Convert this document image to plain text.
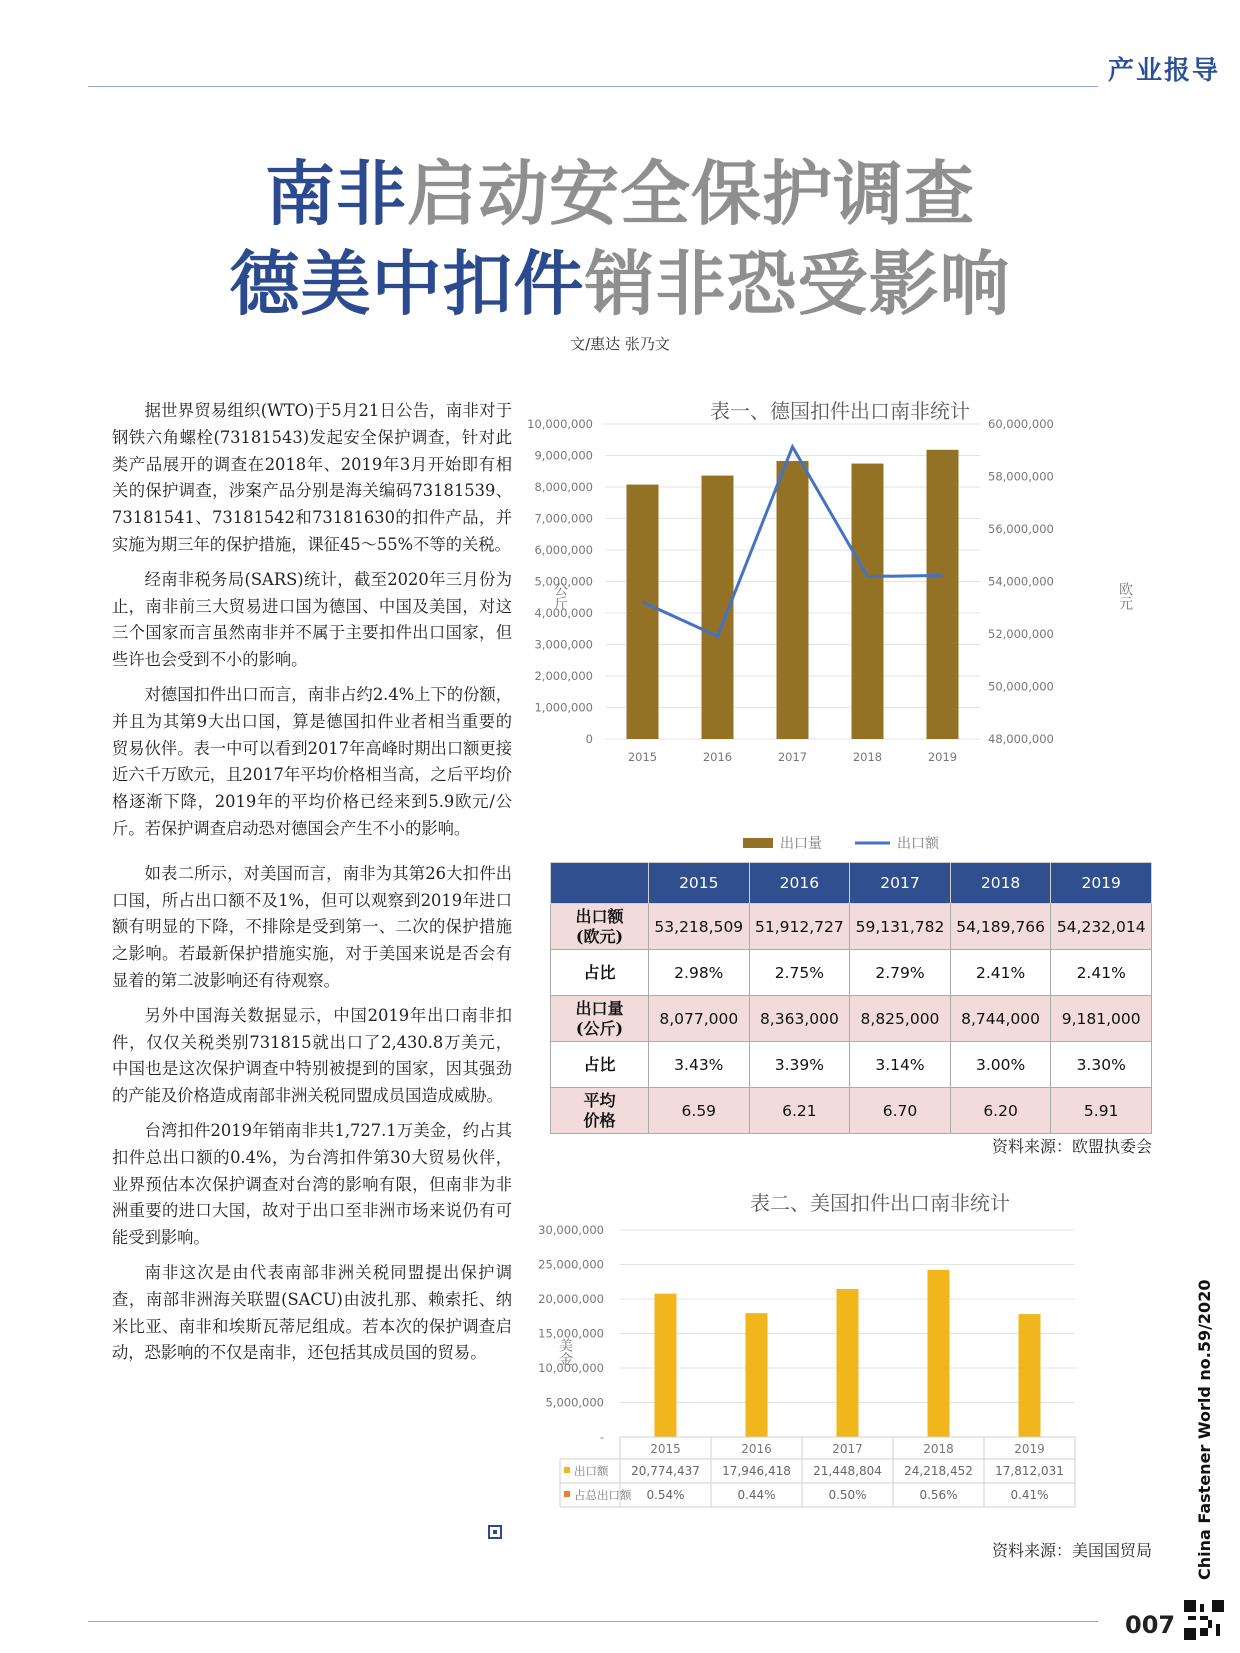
产业报导
南非启动安全保护调查
德美中扣件销非恐受影响
文/惠达 张乃文

据世界贸易组织(WTO)于5月21日公告，南非对于钢铁六角螺栓(73181543)发起安全保护调查，针对此类产品展开的调查在2018年、2019年3月开始即有相关的保护调查，涉案产品分别是海关编码73181539、73181541、73181542和73181630的扣件产品，并实施为期三年的保护措施，课征45～55%不等的关税。

经南非税务局(SARS)统计，截至2020年三月份为止，南非前三大贸易进口国为德国、中国及美国，对这三个国家而言虽然南非并不属于主要扣件出口国家，但些许也会受到不小的影响。

对德国扣件出口而言，南非占约2.4%上下的份额，并且为其第9大出口国，算是德国扣件业者相当重要的贸易伙伴。表一中可以看到2017年高峰时期出口额更接近六千万欧元，且2017年平均价格相当高，之后平均价格逐渐下降，2019年的平均价格已经来到5.9欧元/公斤。若保护调查启动恐对德国会产生不小的影响。

如表二所示，对美国而言，南非为其第26大扣件出口国，所占出口额不及1%，但可以观察到2019年进口额有明显的下降，不排除是受到第一、二次的保护措施之影响。若最新保护措施实施，对于美国来说是否会有显着的第二波影响还有待观察。

另外中国海关数据显示，中国2019年出口南非扣件，仅仅关税类别731815就出口了2,430.8万美元，中国也是这次保护调查中特别被提到的国家，因其强劲的产能及价格造成南部非洲关税同盟成员国造成威胁。

台湾扣件2019年销南非共1,727.1万美金，约占其扣件总出口额的0.4%，为台湾扣件第30大贸易伙伴，业界预估本次保护调查对台湾的影响有限，但南非为非洲重要的进口大国，故对于出口至非洲市场来说仍有可能受到影响。

南非这次是由代表南部非洲关税同盟提出保护调查，南部非洲海关联盟(SACU)由波扎那、赖索托、纳米比亚、南非和埃斯瓦蒂尼组成。若本次的保护调查启动，恐影响的不仅是南非，还包括其成员国的贸易。

表一、德国扣件出口南非统计
10,000,000
9,000,000
8,000,000
7,000,000
6,000,000
5,000,000
4,000,000
3,000,000
2,000,000
1,000,000
0
60,000,000
58,000,000
56,000,000
54,000,000
52,000,000
50,000,000
48,000,000
公斤	欧元
2015	2016	2017	2018	2019
出口量	出口额
	2015	2016	2017	2018	2019
出口额
(欧元)	53,218,509	51,912,727	59,131,782	54,189,766	54,232,014
占比	2.98%	2.75%	2.79%	2.41%	2.41%
出口量
(公斤)	8,077,000	8,363,000	8,825,000	8,744,000	9,181,000
占比	3.43%	3.39%	3.14%	3.00%	3.30%
平均
价格	6.59	6.21	6.70	6.20	5.91
资料来源：欧盟执委会
表二、美国扣件出口南非统计
30,000,000
25,000,000
20,000,000
15,000,000
10,000,000
5,000,000
-
美金
2015	2016	2017	2018	2019
出口额 20,774,437 17,946,418 21,448,804 24,218,452 17,812,031
占总出口额 0.54%	0.44%	0.50%	0.56%	0.41%
资料来源：美国国贸局	China Fastener World no.59/2020
007
